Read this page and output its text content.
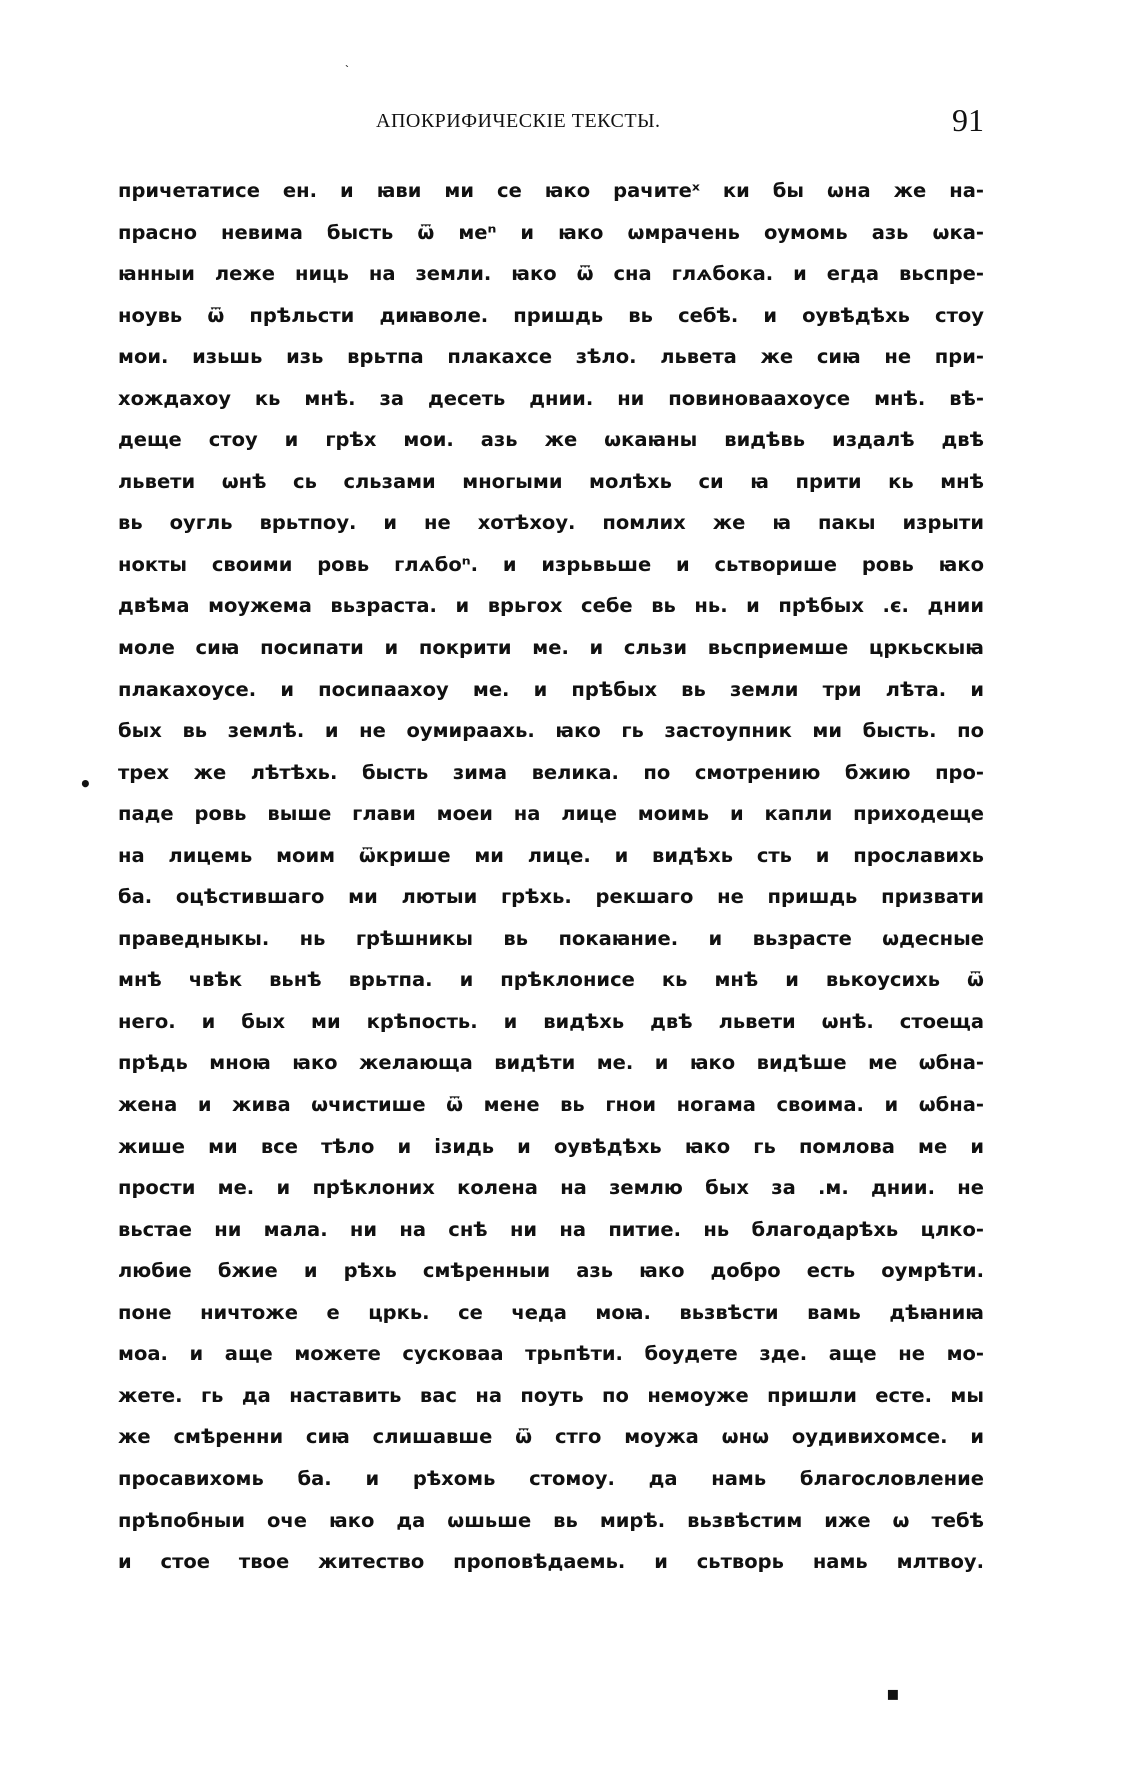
ˋ
АПОКРИФИЧЕСКІЕ ТЕКСТЫ.	91
причетатисе ен. и ꙗви ми се ꙗко рачитеˣ ки бы ѡна же на-
прасно невима бысть ѿ меⁿ и ꙗко ѡмрачень оумомь азь ѡка-
ꙗнныи леже ниць на земли. ꙗко ѿ сна глѧбока. и егда вьспре-
ноувь ѿ прѣльсти диꙗволе. пришдь вь себѣ. и оувѣдѣхь стоу
мои. изьшь изь врьтпа плакахсе зѣло. львета же сиꙗ не при-
хождахоу кь мнѣ. за десеть днии. ни повиноваахоусе мнѣ. вѣ-
деще стоу и грѣх мои. азь же ѡкаꙗны видѣвь издалѣ двѣ
львети ѡнѣ сь сльзами многыми молѣхь си ꙗ прити кь мнѣ
вь оугль врьтпоу. и не хотѣхоу. помлих же ꙗ пакы изрыти
нокты своими ровь глѧбоⁿ. и изрьвьше и сьтворише ровь ꙗко
двѣма моужема вьзраста. и врьгох себе вь нь. и прѣбых .є. днии
моле сиꙗ посипати и покрити ме. и сльзи вьсприемше цркьскыꙗ
плакахоусе. и посипаахоу ме. и прѣбых вь земли три лѣта. и
бых вь землѣ. и не оумираахь. ꙗко гь застоупник ми бысть. по
трех же лѣтѣхь. бысть зима велика. по смотрению бжию про-
паде ровь выше глави моеи на лице моимь и капли приходеще
на лицемь моим ѿкрише ми лице. и видѣхь сть и прославихь
ба. оцѣстившаго ми лютыи грѣхь. рекшаго не пришдь призвати
праведныкы. нь грѣшникы вь покаꙗние. и вьзрасте ѡдесные
мнѣ чвѣк вьнѣ врьтпа. и прѣклонисе кь мнѣ и вькоусихь ѿ
него. и бых ми крѣпость. и видѣхь двѣ львети ѡнѣ. стоеща
прѣдь мноꙗ ꙗко желающа видѣти ме. и ꙗко видѣше ме ѡбна-
жена и жива ѡчистише ѿ мене вь гнои ногама своима. и ѡбна-
жише ми все тѣло и ізидь и оувѣдѣхь ꙗко гь помлова ме и
прости ме. и прѣклоних колена на землю бых за .м. днии. не
вьстае ни мала. ни на снѣ ни на питие. нь благодарѣхь цлко-
любие бжие и рѣхь смѣренныи азь ꙗко добро есть оумрѣти.
поне ничтоже е цркь. се чеда моꙗ. вьзвѣсти вамь дѣꙗниꙗ
моа. и аще можете сусковаа трьпѣти. боудете зде. аще не мо-
жете. гь да наставить вас на поуть по немоуже пришли есте. мы
же смѣренни сиꙗ слишавше ѿ стго моужа ѡнѡ оудивихомсе. и
просавихомь ба. и рѣхомь стомоу. да намь благословление
прѣпобныи оче ꙗко да ѡшьше вь мирѣ. вьзвѣстим иже ѡ тебѣ
и стое твое житество проповѣдаемь. и сьтворь намь млтвоу.
•
▪
